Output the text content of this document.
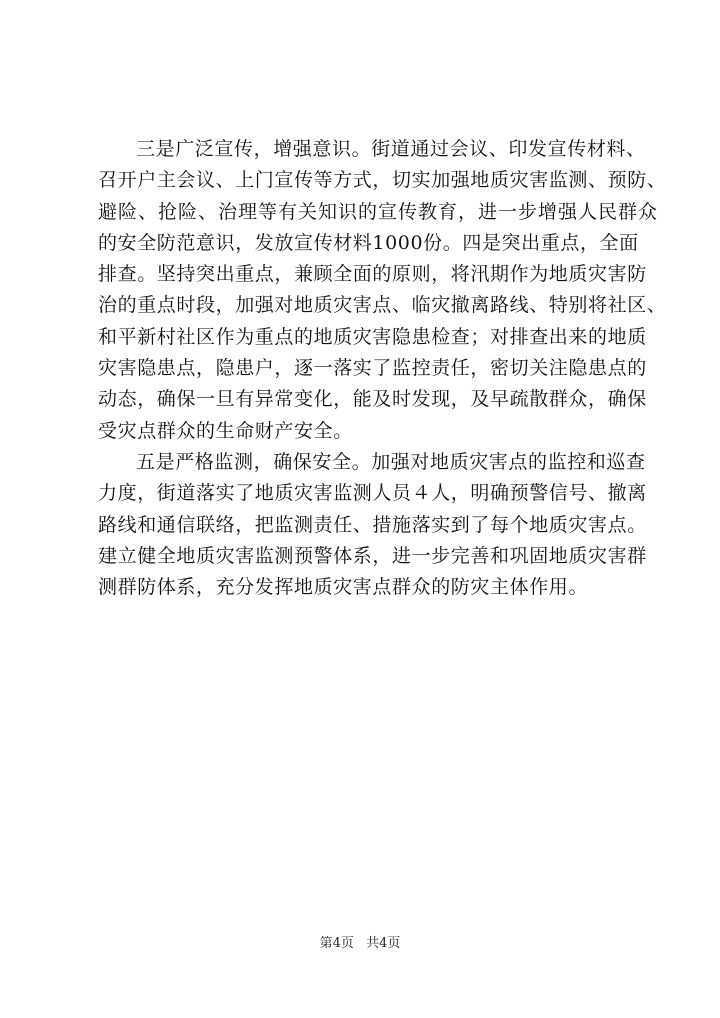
三是广泛宣传，增强意识。街道通过会议、印发宣传材料、
召开户主会议、上门宣传等方式，切实加强地质灾害监测、预防、
避险、抢险、治理等有关知识的宣传教育，进一步增强人民群众
的安全防范意识，发放宣传材料1000份。四是突出重点，全面
排查。坚持突出重点，兼顾全面的原则，将汛期作为地质灾害防
治的重点时段，加强对地质灾害点、临灾撤离路线、特别将社区、
和平新村社区作为重点的地质灾害隐患检查；对排查出来的地质
灾害隐患点，隐患户，逐一落实了监控责任，密切关注隐患点的
动态，确保一旦有异常变化，能及时发现，及早疏散群众，确保
受灾点群众的生命财产安全。
五是严格监测，确保安全。加强对地质灾害点的监控和巡查
力度，街道落实了地质灾害监测人员４人，明确预警信号、撤离
路线和通信联络，把监测责任、措施落实到了每个地质灾害点。
建立健全地质灾害监测预警体系，进一步完善和巩固地质灾害群
测群防体系，充分发挥地质灾害点群众的防灾主体作用。
第4页 共4页
